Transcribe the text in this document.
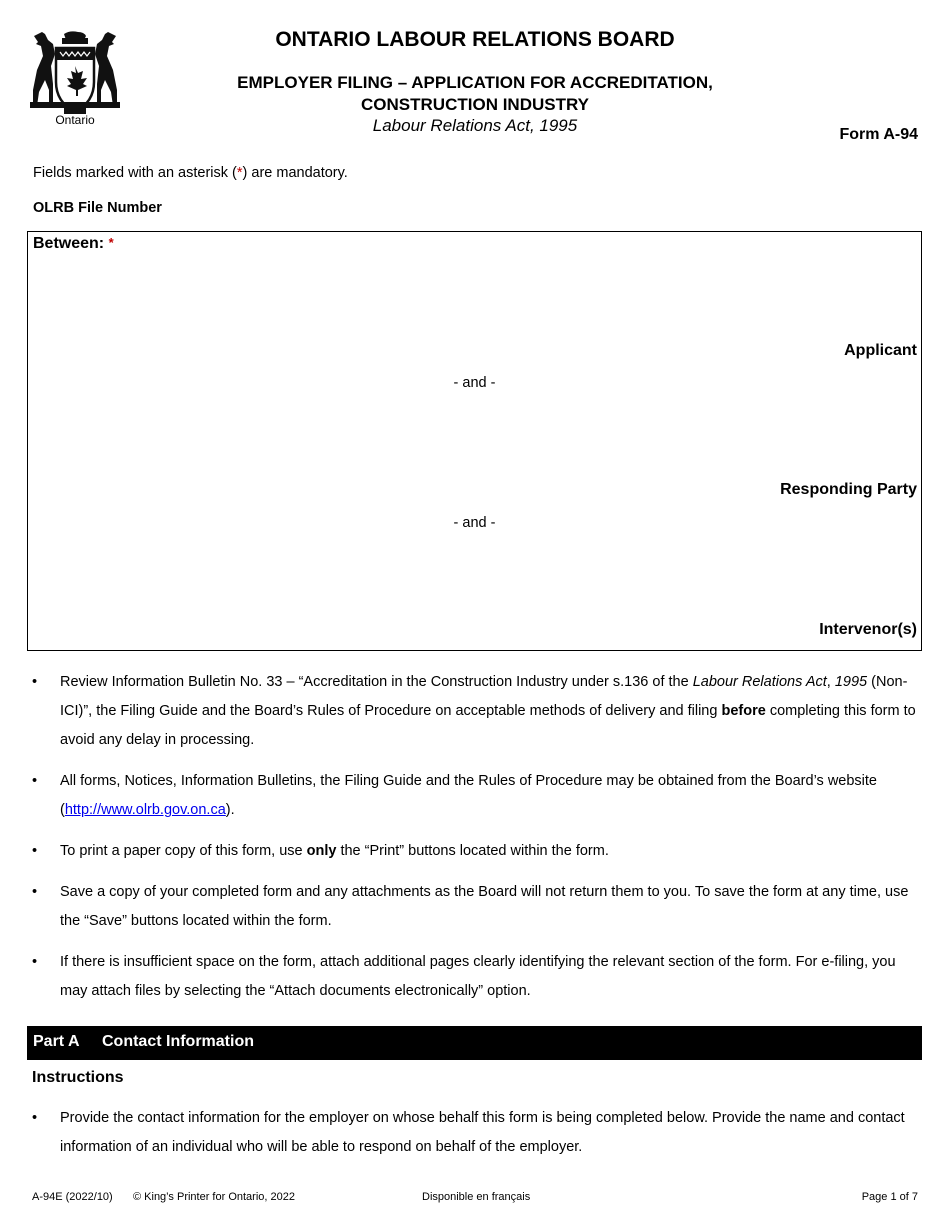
Ontario
ONTARIO LABOUR RELATIONS BOARD
EMPLOYER FILING – APPLICATION FOR ACCREDITATION,
CONSTRUCTION INDUSTRY
Labour Relations Act, 1995	Form A-94
Fields marked with an asterisk (*) are mandatory.
OLRB File Number
Between: *
Applicant
- and -
Responding Party
- and -
Intervenor(s)
• Review Information Bulletin No. 33 – “Accreditation in the Construction Industry under s.136 of the Labour Relations Act, 1995 (Non-ICI)”, the Filing Guide and the Board’s Rules of Procedure on acceptable methods of delivery and filing before completing this form to avoid any delay in processing.
• All forms, Notices, Information Bulletins, the Filing Guide and the Rules of Procedure may be obtained from the Board’s website (http://www.olrb.gov.on.ca).
• To print a paper copy of this form, use only the “Print” buttons located within the form.
• Save a copy of your completed form and any attachments as the Board will not return them to you. To save the form at any time, use the “Save” buttons located within the form.
• If there is insufficient space on the form, attach additional pages clearly identifying the relevant section of the form. For e-filing, you may attach files by selecting the “Attach documents electronically” option.
Part A Contact Information
Instructions
• Provide the contact information for the employer on whose behalf this form is being completed below. Provide the name and contact information of an individual who will be able to respond on behalf of the employer.
A-94E (2022/10) © King’s Printer for Ontario, 2022	Disponible en français	Page 1 of 7
